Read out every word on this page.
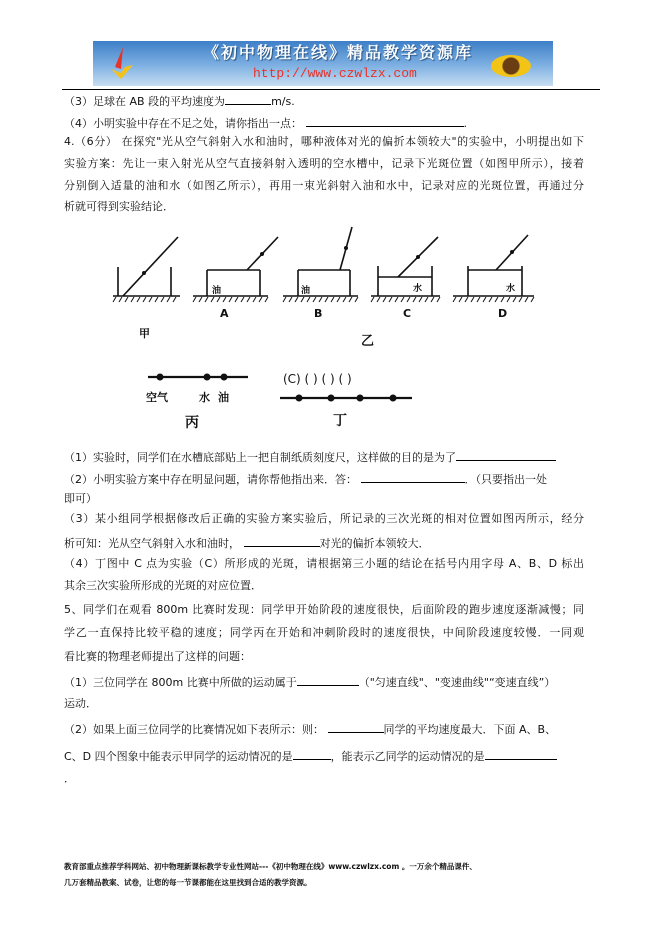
《初中物理在线》精品教学资源库
http://www.czwlzx.com
（3）足球在 AB 段的平均速度为	m/s.
（4）小明实验中存在不足之处，请你指出一点：	.
4.（6分） 在探究"光从空气斜射入水和油时，哪种液体对光的偏折本领较大"的实验中，小明提出如下
实验方案：先让一束入射光从空气直接斜射入透明的空水槽中，记录下光斑位置（如图甲所示），接着
分别倒入适量的油和水（如图乙所示），再用一束光斜射入油和水中，记录对应的光斑位置，再通过分
析就可得到实验结论．
甲
A	B	C	D
乙
油	油	水	水
空气	水 油
丙
(C) ( ) ( ) ( )
丁
（1）实验时，同学们在水槽底部贴上一把自制纸质刻度尺，这样做的目的是为了
（2）小明实验方案中存在明显问题，请你帮他指出来．答：	．（只要指出一处
即可）
（3）某小组同学根据修改后正确的实验方案实验后，所记录的三次光斑的相对位置如图丙所示，经分
析可知：光从空气斜射入水和油时，	对光的偏折本领较大．
（4）丁图中 C 点为实验（C）所形成的光斑，请根据第三小题的结论在括号内用字母 A、B、D 标出
其余三次实验所形成的光斑的对应位置．
5、同学们在观看 800m 比赛时发现：同学甲开始阶段的速度很快，后面阶段的跑步速度逐渐减慢；同
学乙一直保持比较平稳的速度；同学丙在开始和冲刺阶段时的速度很快，中间阶段速度较慢．一同观
看比赛的物理老师提出了这样的问题：
（1）三位同学在 800m 比赛中所做的运动属于	（"匀速直线"、"变速曲线"“变速直线”）
运动．
（2）如果上面三位同学的比赛情况如下表所示：则：	同学的平均速度最大．下面 A、B、
C、D 四个图象中能表示甲同学的运动情况的是	，能表示乙同学的运动情况的是
．
教育部重点推荐学科网站、初中物理新课标教学专业性网站---《初中物理在线》www.czwlzx.com 。一万余个精品课件、
几万套精品教案、试卷，让您的每一节课都能在这里找到合适的教学资源。
